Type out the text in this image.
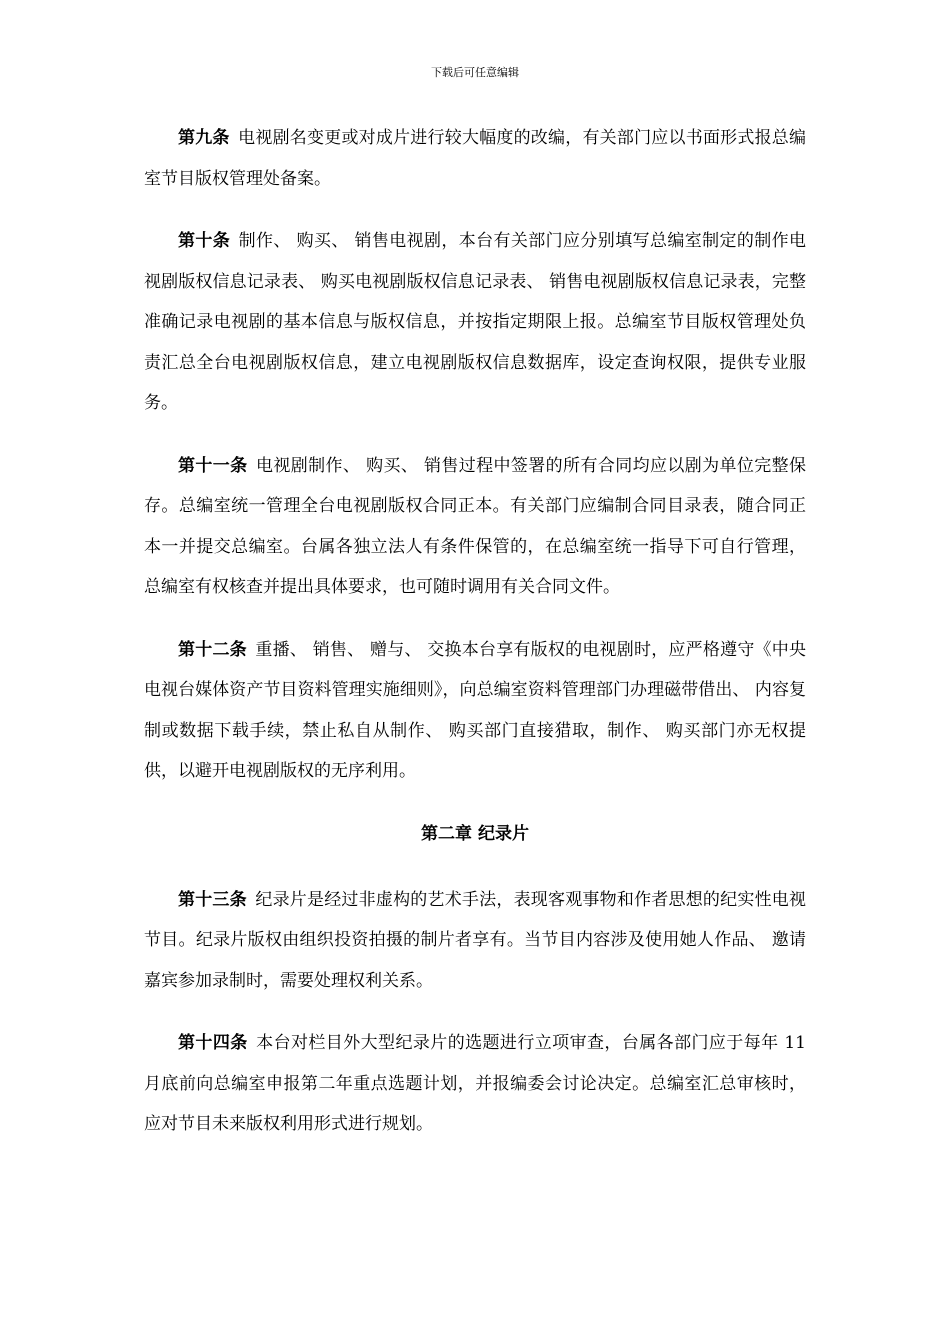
下载后可任意编辑

第九条 电视剧名变更或对成片进行较大幅度的改编，有关部门应以书面形式报总编室节目版权管理处备案。

第十条 制作、 购买、 销售电视剧，本台有关部门应分别填写总编室制定的制作电视剧版权信息记录表、 购买电视剧版权信息记录表、 销售电视剧版权信息记录表，完整准确记录电视剧的基本信息与版权信息，并按指定期限上报。总编室节目版权管理处负责汇总全台电视剧版权信息，建立电视剧版权信息数据库，设定查询权限，提供专业服务。

第十一条 电视剧制作、 购买、 销售过程中签署的所有合同均应以剧为单位完整保存。总编室统一管理全台电视剧版权合同正本。有关部门应编制合同目录表，随合同正本一并提交总编室。台属各独立法人有条件保管的，在总编室统一指导下可自行管理，总编室有权核查并提出具体要求，也可随时调用有关合同文件。

第十二条 重播、 销售、 赠与、 交换本台享有版权的电视剧时，应严格遵守《中央电视台媒体资产节目资料管理实施细则》，向总编室资料管理部门办理磁带借出、 内容复制或数据下载手续，禁止私自从制作、 购买部门直接猎取，制作、 购买部门亦无权提供，以避开电视剧版权的无序利用。

第二章 纪录片

第十三条 纪录片是经过非虚构的艺术手法，表现客观事物和作者思想的纪实性电视节目。纪录片版权由组织投资拍摄的制片者享有。当节目内容涉及使用她人作品、 邀请嘉宾参加录制时，需要处理权利关系。

第十四条 本台对栏目外大型纪录片的选题进行立项审查，台属各部门应于每年 11 月底前向总编室申报第二年重点选题计划，并报编委会讨论决定。总编室汇总审核时，应对节目未来版权利用形式进行规划。
